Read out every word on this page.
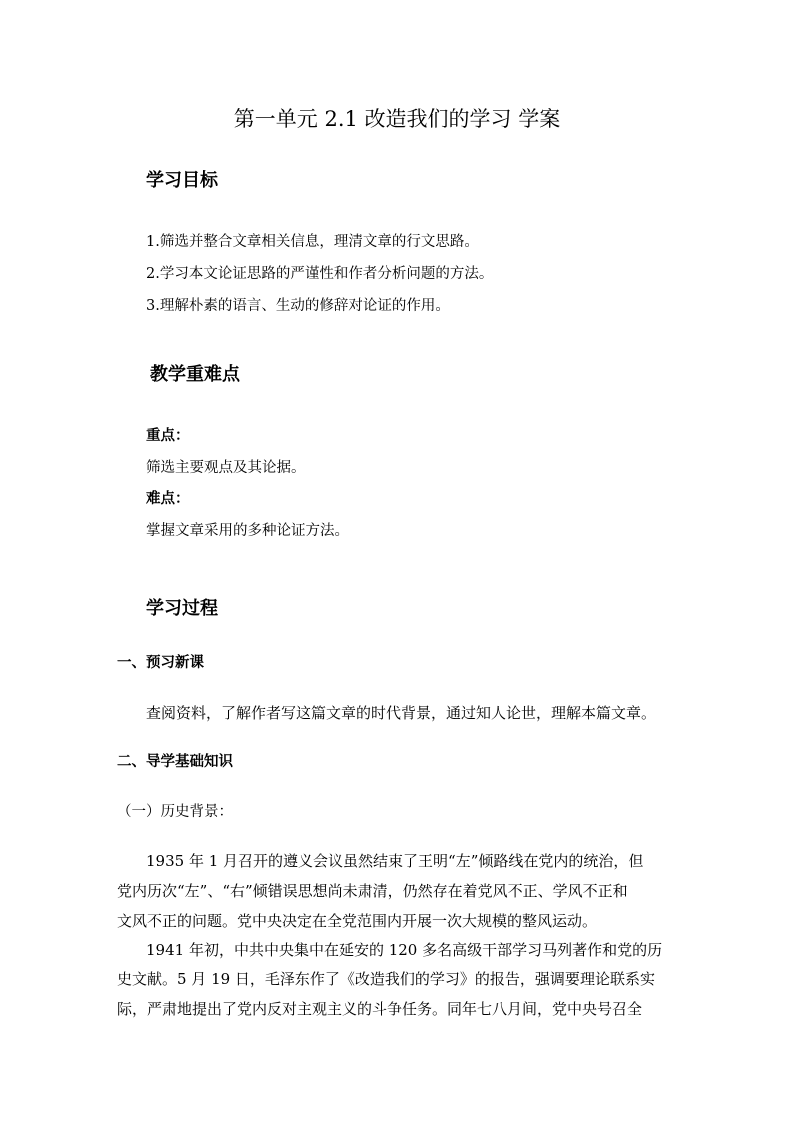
第一单元 2.1 改造我们的学习 学案
学习目标
1.筛选并整合文章相关信息，理清文章的行文思路。
2.学习本文论证思路的严谨性和作者分析问题的方法。
3.理解朴素的语言、生动的修辞对论证的作用。
教学重难点
重点：
筛选主要观点及其论据。
难点：
掌握文章采用的多种论证方法。
学习过程
一、预习新课
查阅资料，了解作者写这篇文章的时代背景，通过知人论世，理解本篇文章。
二、导学基础知识
（一）历史背景：
1935 年 1 月召开的遵义会议虽然结束了王明“左”倾路线在党内的统治，但
党内历次“左”、“右”倾错误思想尚未肃清，仍然存在着党风不正、学风不正和
文风不正的问题。党中央决定在全党范围内开展一次大规模的整风运动。
1941 年初，中共中央集中在延安的 120 多名高级干部学习马列著作和党的历
史文献。5 月 19 日，毛泽东作了《改造我们的学习》的报告，强调要理论联系实
际，严肃地提出了党内反对主观主义的斗争任务。同年七八月间，党中央号召全
